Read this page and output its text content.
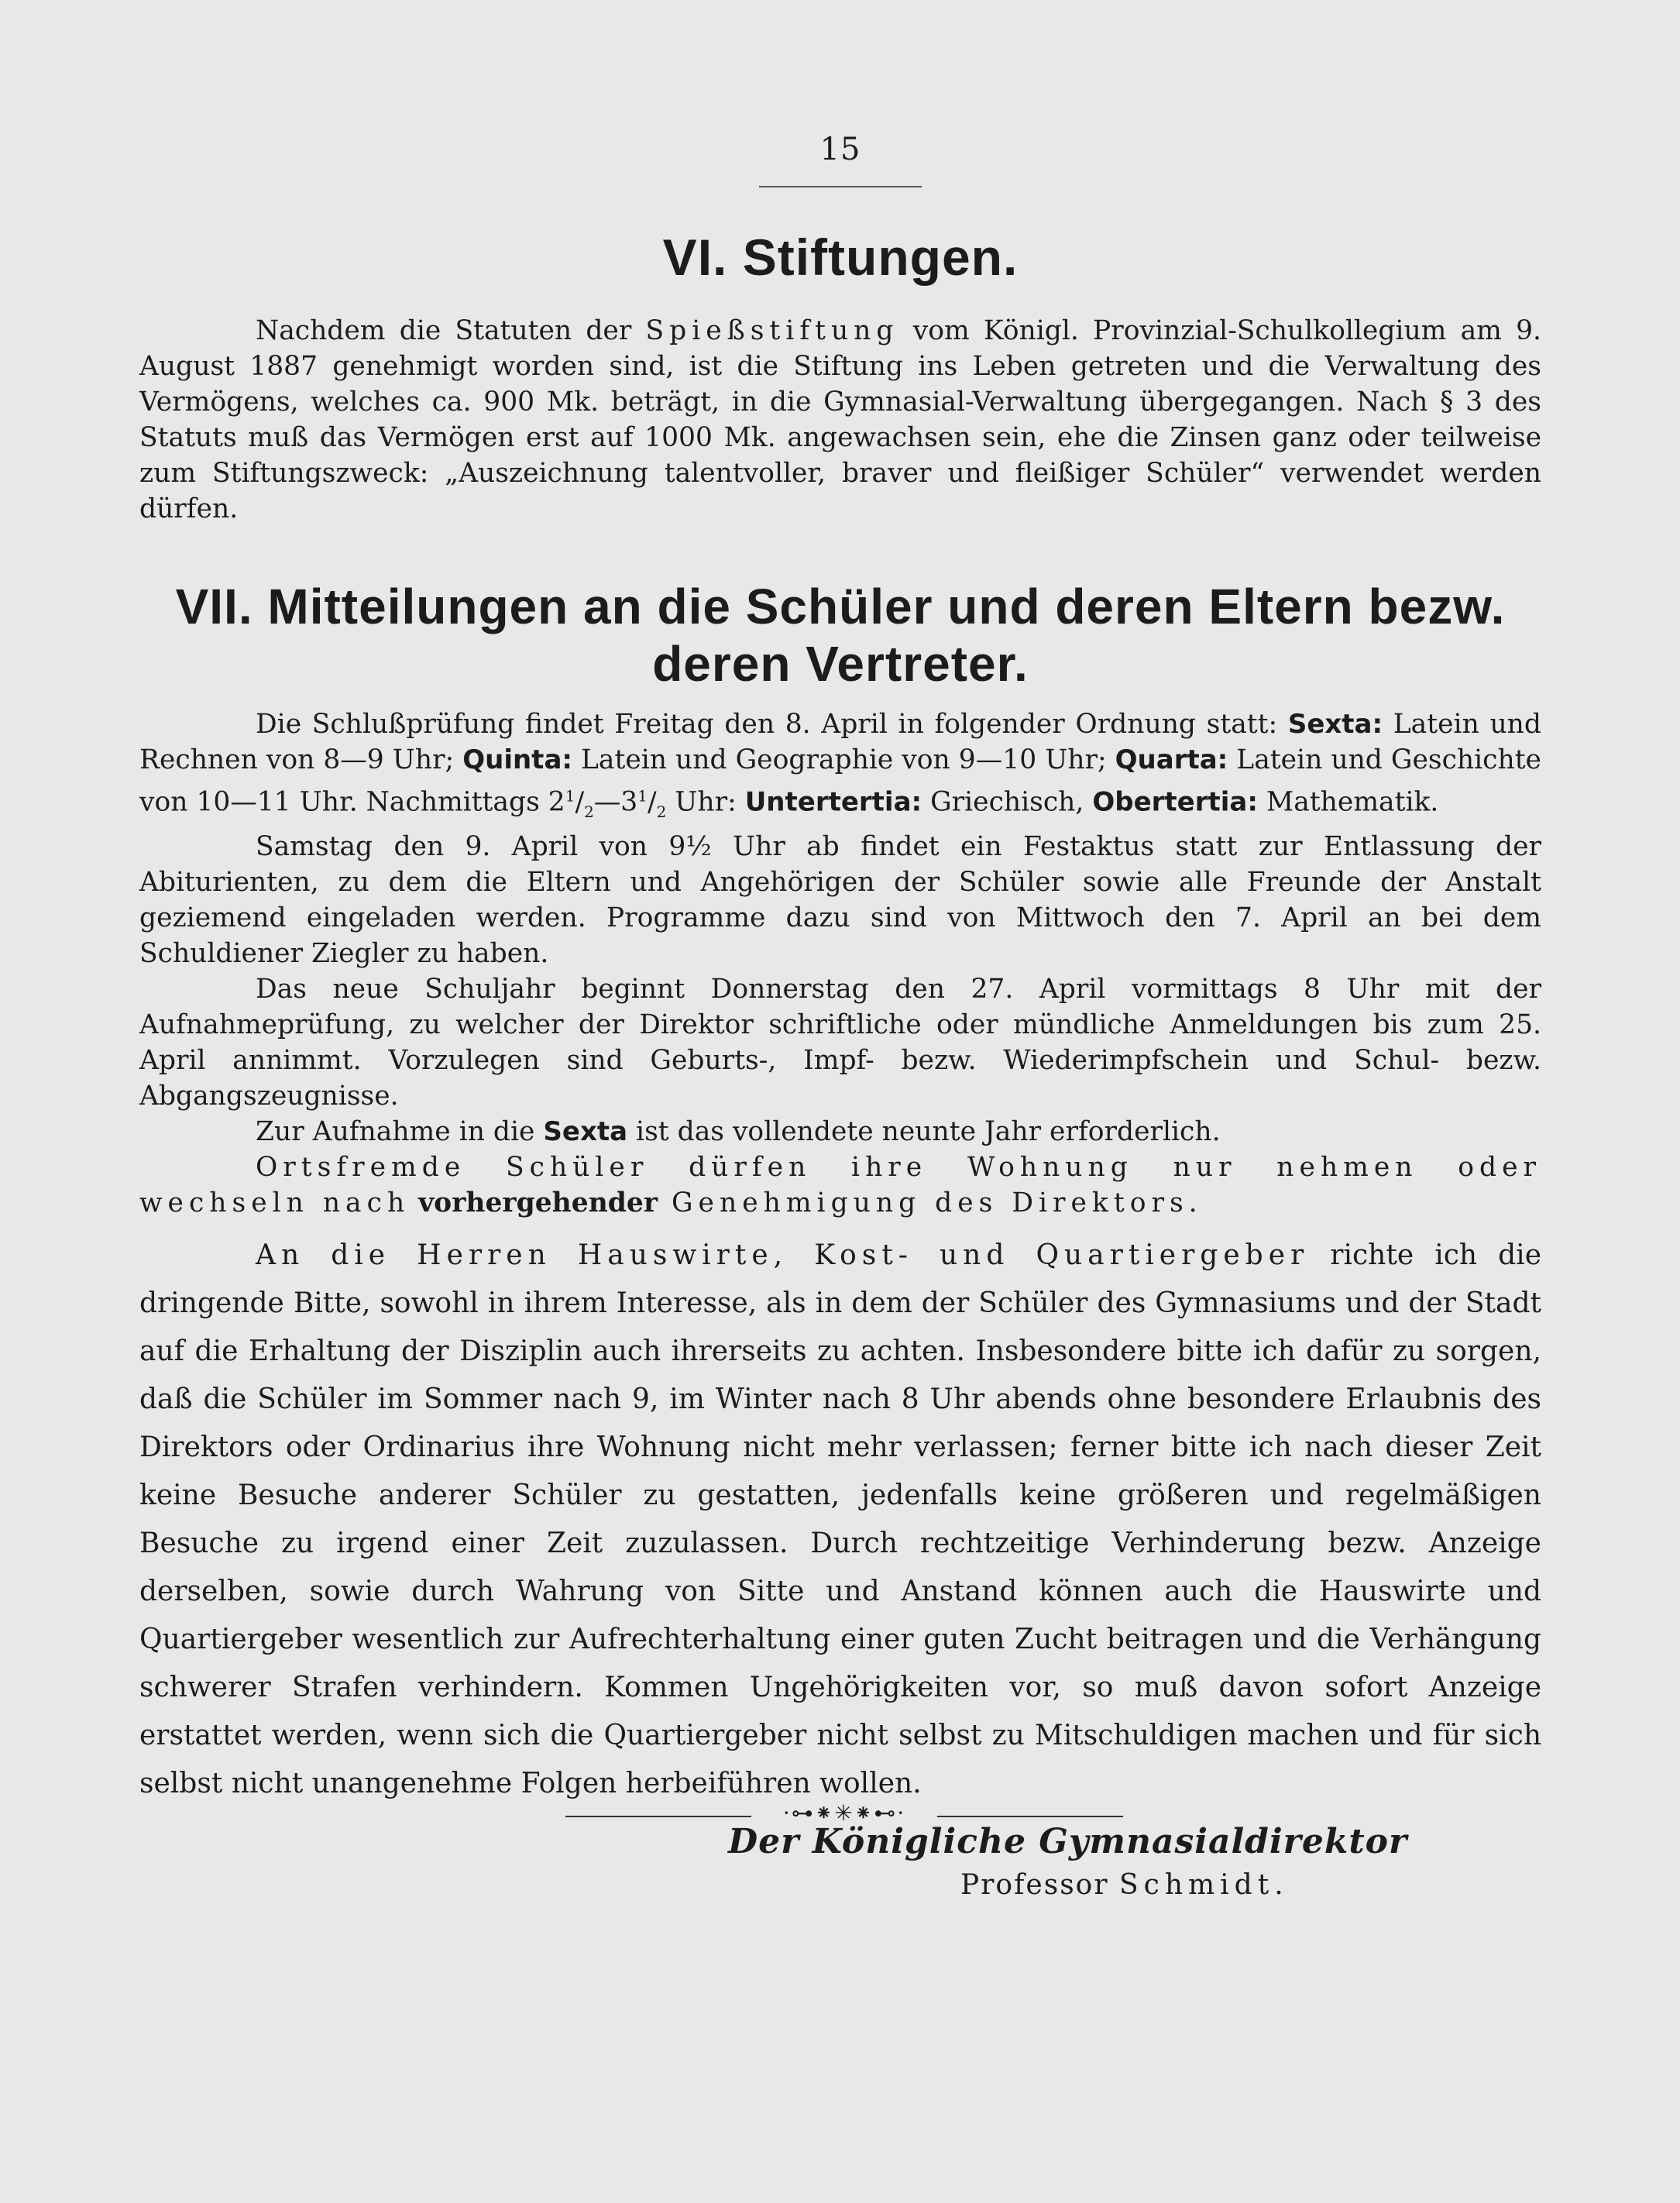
15

VI. Stiftungen.

Nachdem die Statuten der Spießstiftung vom Königl. Provinzial-Schulkollegium am 9. August 1887 genehmigt worden sind, ist die Stiftung ins Leben getreten und die Verwaltung des Vermögens, welches ca. 900 Mk. beträgt, in die Gymnasial-Verwaltung übergegangen. Nach § 3 des Statuts muß das Vermögen erst auf 1000 Mk. angewachsen sein, ehe die Zinsen ganz oder teilweise zum Stiftungszweck: „Auszeichnung talentvoller, braver und fleißiger Schüler“ verwendet werden dürfen.

VII. Mitteilungen an die Schüler und deren Eltern bezw. deren Vertreter.

Die Schlußprüfung findet Freitag den 8. April in folgender Ordnung statt: Sexta: Latein und Rechnen von 8—9 Uhr; Quinta: Latein und Geographie von 9—10 Uhr; Quarta: Latein und Geschichte von 10—11 Uhr. Nachmittags $2^1/_2—3^1/_2$ Uhr: Untertertia: Griechisch, Obertertia: Mathematik.

Samstag den 9. April von 9½ Uhr ab findet ein Festaktus statt zur Entlassung der Abiturienten, zu dem die Eltern und Angehörigen der Schüler sowie alle Freunde der Anstalt geziemend eingeladen werden. Programme dazu sind von Mittwoch den 7. April an bei dem Schuldiener Ziegler zu haben.

Das neue Schuljahr beginnt Donnerstag den 27. April vormittags 8 Uhr mit der Aufnahmeprüfung, zu welcher der Direktor schriftliche oder mündliche Anmeldungen bis zum 25. April annimmt. Vorzulegen sind Geburts-, Impf- bezw. Wiederimpfschein und Schul- bezw. Abgangszeugnisse.

Zur Aufnahme in die Sexta ist das vollendete neunte Jahr erforderlich.

Ortsfremde Schüler dürfen ihre Wohnung nur nehmen oder wechseln nach vorhergehender Genehmigung des Direktors.

An die Herren Hauswirte, Kost- und Quartiergeber richte ich die dringende Bitte, sowohl in ihrem Interesse, als in dem der Schüler des Gymnasiums und der Stadt auf die Erhaltung der Disziplin auch ihrerseits zu achten. Insbesondere bitte ich dafür zu sorgen, daß die Schüler im Sommer nach 9, im Winter nach 8 Uhr abends ohne besondere Erlaubnis des Direktors oder Ordinarius ihre Wohnung nicht mehr verlassen; ferner bitte ich nach dieser Zeit keine Besuche anderer Schüler zu gestatten, jedenfalls keine größeren und regelmäßigen Besuche zu irgend einer Zeit zuzulassen. Durch rechtzeitige Verhinderung bezw. Anzeige derselben, sowie durch Wahrung von Sitte und Anstand können auch die Hauswirte und Quartiergeber wesentlich zur Aufrechterhaltung einer guten Zucht beitragen und die Verhängung schwerer Strafen verhindern. Kommen Ungehörigkeiten vor, so muß davon sofort Anzeige erstattet werden, wenn sich die Quartiergeber nicht selbst zu Mitschuldigen machen und für sich selbst nicht unangenehme Folgen herbeiführen wollen.

Der Königliche Gymnasialdirektor
Professor Schmidt.
·⊶⁕✳⁕⊷·
